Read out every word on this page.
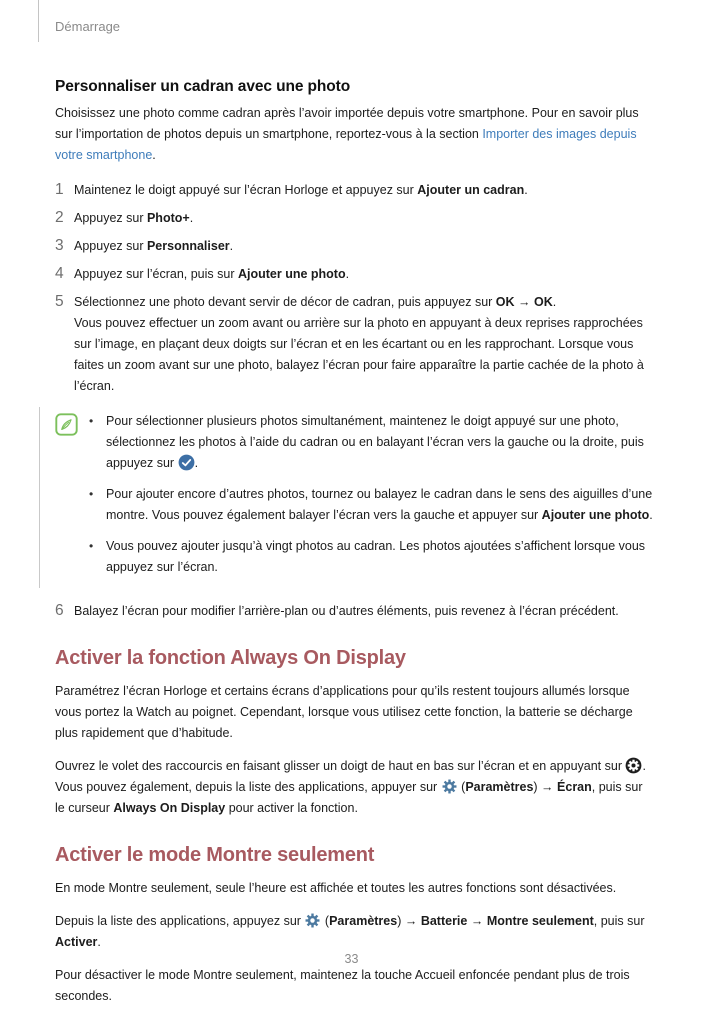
Démarrage
Personnaliser un cadran avec une photo

Choisissez une photo comme cadran après l’avoir importée depuis votre smartphone. Pour en savoir plus sur l’importation de photos depuis un smartphone, reportez-vous à la section Importer des images depuis votre smartphone.

1 Maintenez le doigt appuyé sur l’écran Horloge et appuyez sur Ajouter un cadran.

2 Appuyez sur Photo+.

3 Appuyez sur Personnaliser.

4 Appuyez sur l’écran, puis sur Ajouter une photo.

5 Sélectionnez une photo devant servir de décor de cadran, puis appuyez sur OK → OK.
Vous pouvez effectuer un zoom avant ou arrière sur la photo en appuyant à deux reprises rapprochées sur l’image, en plaçant deux doigts sur l’écran et en les écartant ou en les rapprochant. Lorsque vous faites un zoom avant sur une photo, balayez l’écran pour faire apparaître la partie cachée de la photo à l’écran.

•	Pour sélectionner plusieurs photos simultanément, maintenez le doigt appuyé sur une photo, sélectionnez les photos à l’aide du cadran ou en balayant l’écran vers la gauche ou la droite, puis appuyez sur
.

•	Pour ajouter encore d’autres photos, tournez ou balayez le cadran dans le sens des aiguilles d’une montre. Vous pouvez également balayer l’écran vers la gauche et appuyer sur Ajouter une photo.

•	Vous pouvez ajouter jusqu’à vingt photos au cadran. Les photos ajoutées s’affichent lorsque vous appuyez sur l’écran.

6 Balayez l’écran pour modifier l’arrière-plan ou d’autres éléments, puis revenez à l’écran précédent.

Activer la fonction Always On Display

Paramétrez l’écran Horloge et certains écrans d’applications pour qu’ils restent toujours allumés lorsque vous portez la Watch au poignet. Cependant, lorsque vous utilisez cette fonction, la batterie se décharge plus rapidement que d’habitude.

Ouvrez le volet des raccourcis en faisant glisser un doigt de haut en bas sur l’écran et en appuyant sur
. Vous pouvez également, depuis la liste des applications, appuyer sur
(Paramètres) → Écran, puis sur le curseur Always On Display pour activer la fonction.

Activer le mode Montre seulement

En mode Montre seulement, seule l’heure est affichée et toutes les autres fonctions sont désactivées.

Depuis la liste des applications, appuyez sur
(Paramètres) → Batterie → Montre seulement, puis sur Activer.

Pour désactiver le mode Montre seulement, maintenez la touche Accueil enfoncée pendant plus de trois secondes.

33
